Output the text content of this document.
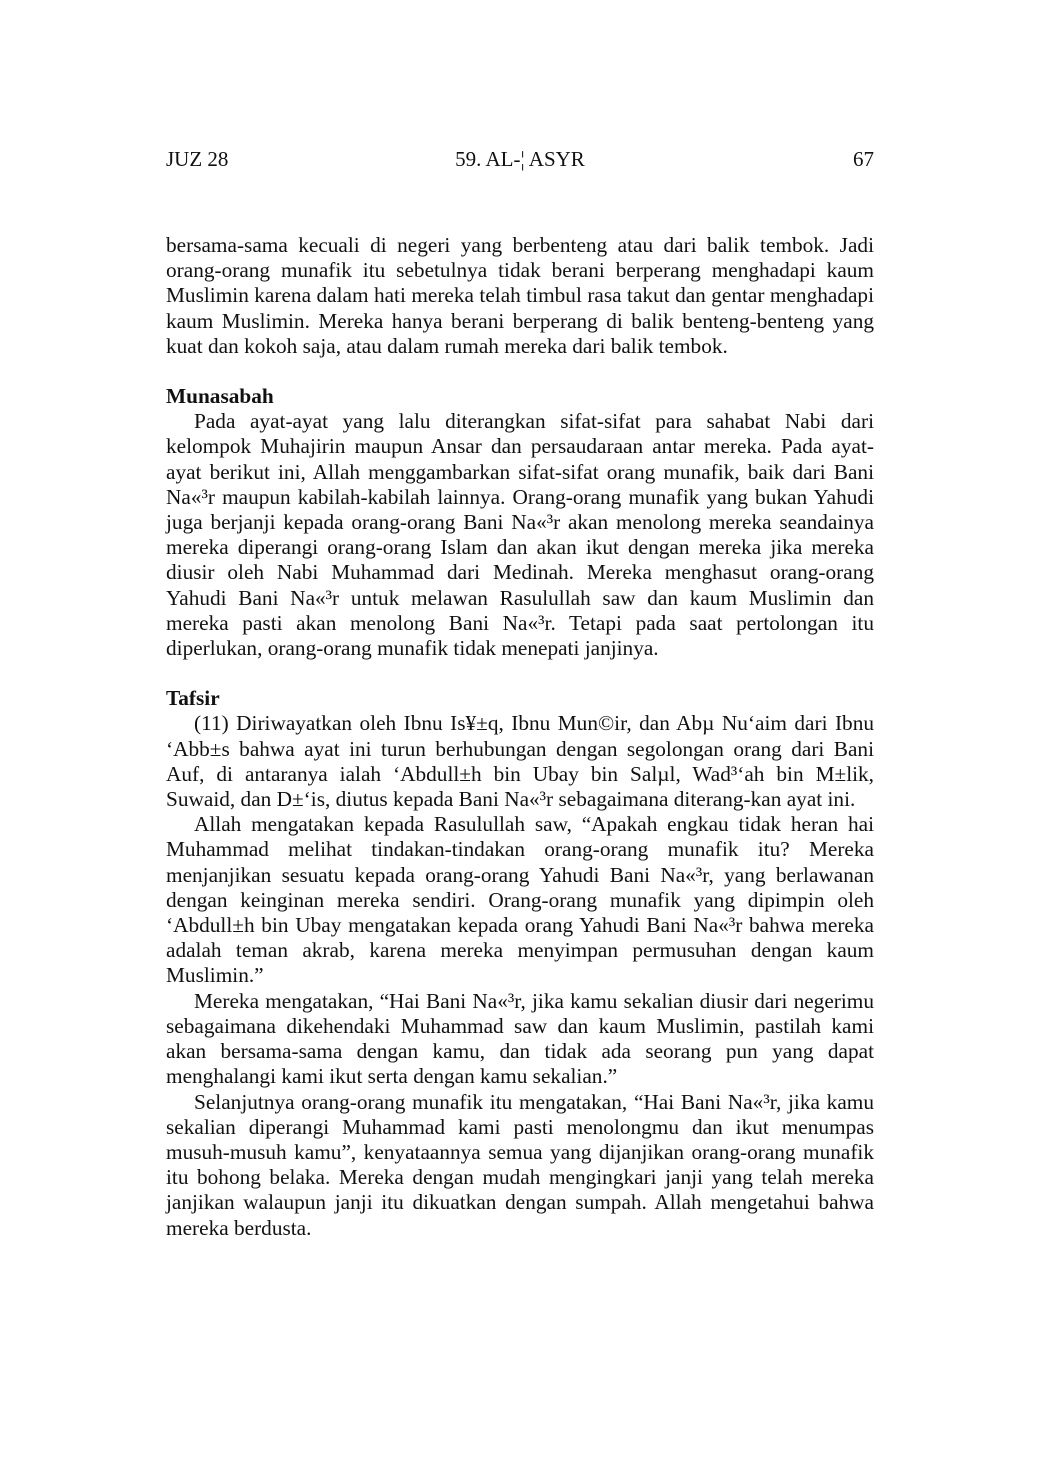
JUZ 28	59. AL-¦ ASYR	67

bersama-sama kecuali di negeri yang berbenteng atau dari balik tembok. Jadi orang-orang munafik itu sebetulnya tidak berani berperang menghadapi kaum Muslimin karena dalam hati mereka telah timbul rasa takut dan gentar menghadapi kaum Muslimin. Mereka hanya berani berperang di balik benteng-benteng yang kuat dan kokoh saja, atau dalam rumah mereka dari balik tembok.

Munasabah

Pada ayat-ayat yang lalu diterangkan sifat-sifat para sahabat Nabi dari kelompok Muhajirin maupun Ansar dan persaudaraan antar mereka. Pada ayat-ayat berikut ini, Allah menggambarkan sifat-sifat orang munafik, baik dari Bani Na«³r maupun kabilah-kabilah lainnya. Orang-orang munafik yang bukan Yahudi juga berjanji kepada orang-orang Bani Na«³r akan menolong mereka seandainya mereka diperangi orang-orang Islam dan akan ikut dengan mereka jika mereka diusir oleh Nabi Muhammad dari Medinah. Mereka menghasut orang-orang Yahudi Bani Na«³r untuk melawan Rasulullah saw dan kaum Muslimin dan mereka pasti akan menolong Bani Na«³r. Tetapi pada saat pertolongan itu diperlukan, orang-orang munafik tidak menepati janjinya.

Tafsir

(11) Diriwayatkan oleh Ibnu Is¥±q, Ibnu Mun©ir, dan Abµ Nu‘aim dari Ibnu ‘Abb±s bahwa ayat ini turun berhubungan dengan segolongan orang dari Bani Auf, di antaranya ialah ‘Abdull±h bin Ubay bin Salµl, Wad³‘ah bin M±lik, Suwaid, dan D±‘is, diutus kepada Bani Na«³r sebagaimana diterang-kan ayat ini.

Allah mengatakan kepada Rasulullah saw, “Apakah engkau tidak heran hai Muhammad melihat tindakan-tindakan orang-orang munafik itu? Mereka menjanjikan sesuatu kepada orang-orang Yahudi Bani Na«³r, yang berlawanan dengan keinginan mereka sendiri. Orang-orang munafik yang dipimpin oleh ‘Abdull±h bin Ubay mengatakan kepada orang Yahudi Bani Na«³r bahwa mereka adalah teman akrab, karena mereka menyimpan permusuhan dengan kaum Muslimin.”

Mereka mengatakan, “Hai Bani Na«³r, jika kamu sekalian diusir dari negerimu sebagaimana dikehendaki Muhammad saw dan kaum Muslimin, pastilah kami akan bersama-sama dengan kamu, dan tidak ada seorang pun yang dapat menghalangi kami ikut serta dengan kamu sekalian.”

Selanjutnya orang-orang munafik itu mengatakan, “Hai Bani Na«³r, jika kamu sekalian diperangi Muhammad kami pasti menolongmu dan ikut menumpas musuh-musuh kamu”, kenyataannya semua yang dijanjikan orang-orang munafik itu bohong belaka. Mereka dengan mudah mengingkari janji yang telah mereka janjikan walaupun janji itu dikuatkan dengan sumpah. Allah mengetahui bahwa mereka berdusta.
